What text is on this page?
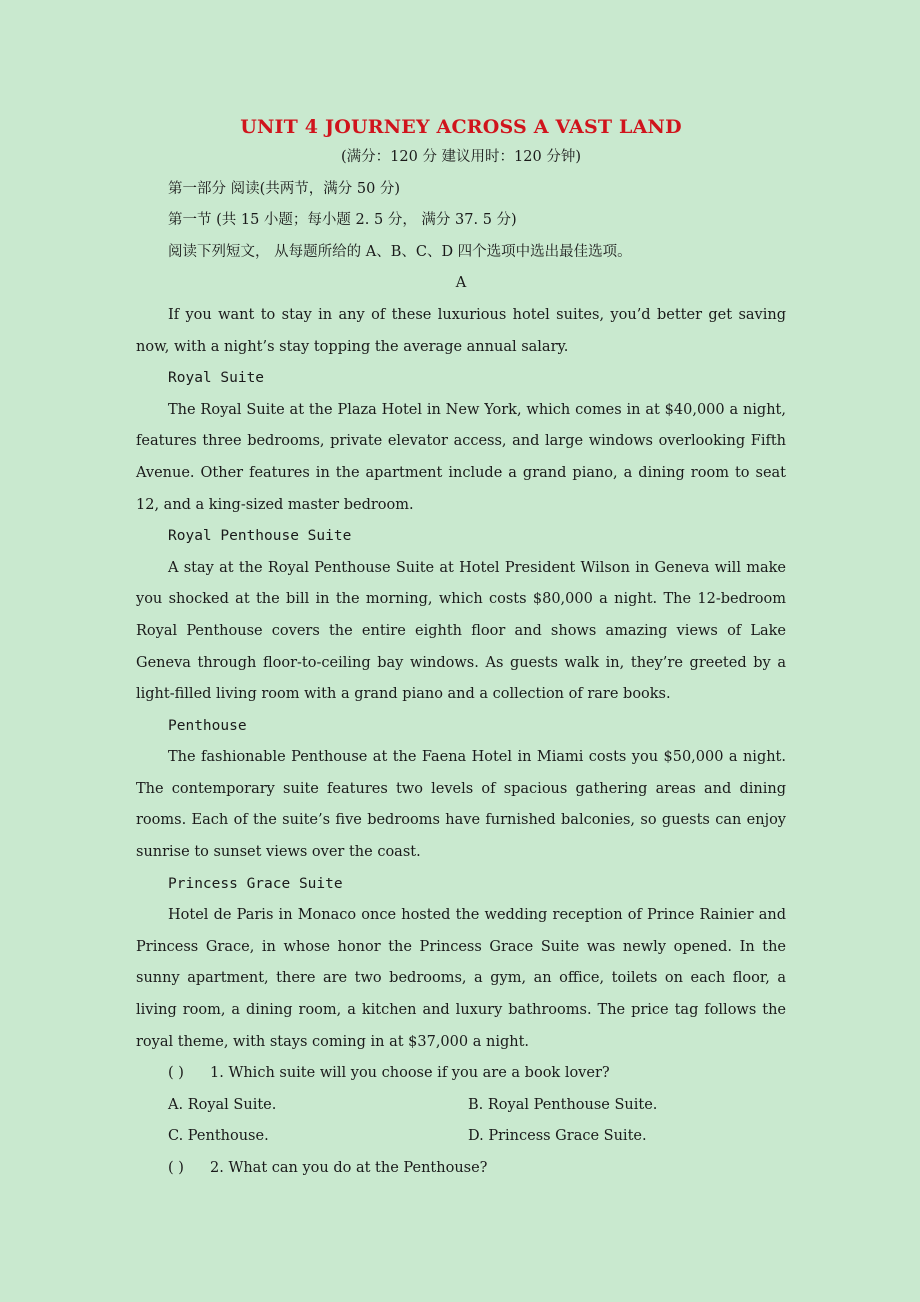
UNIT 4 JOURNEY ACROSS A VAST LAND

(满分：120 分 建议用时：120 分钟)

第一部分 阅读(共两节，满分 50 分)

第一节 (共 15 小题；每小题 2. 5 分， 满分 37. 5 分)

阅读下列短文， 从每题所给的 A、B、C、D 四个选项中选出最佳选项。

A

If you want to stay in any of these luxurious hotel suites, you’d better get saving now, with a night’s stay topping the average annual salary.

Royal Suite

The Royal Suite at the Plaza Hotel in New York, which comes in at $40,000 a night, features three bedrooms, private elevator access, and large windows overlooking Fifth Avenue. Other features in the apartment include a grand piano, a dining room to seat 12, and a king-sized master bedroom.

Royal Penthouse Suite

A stay at the Royal Penthouse Suite at Hotel President Wilson in Geneva will make you shocked at the bill in the morning, which costs $80,000 a night. The 12-bedroom Royal Penthouse covers the entire eighth floor and shows amazing views of Lake Geneva through floor-to-ceiling bay windows. As guests walk in, they’re greeted by a light-filled living room with a grand piano and a collection of rare books.

Penthouse

The fashionable Penthouse at the Faena Hotel in Miami costs you $50,000 a night. The contemporary suite features two levels of spacious gathering areas and dining rooms. Each of the suite’s five bedrooms have furnished balconies, so guests can enjoy sunrise to sunset views over the coast.

Princess Grace Suite

Hotel de Paris in Monaco once hosted the wedding reception of Prince Rainier and Princess Grace, in whose honor the Princess Grace Suite was newly opened. In the sunny apartment, there are two bedrooms, a gym, an office, toilets on each floor, a living room, a dining room, a kitchen and luxury bathrooms. The price tag follows the royal theme, with stays coming in at $37,000 a night.

( ) 1. Which suite will you choose if you are a book lover?

A. Royal Suite.	B. Royal Penthouse Suite.
C. Penthouse.	D. Princess Grace Suite.

( ) 2. What can you do at the Penthouse?
